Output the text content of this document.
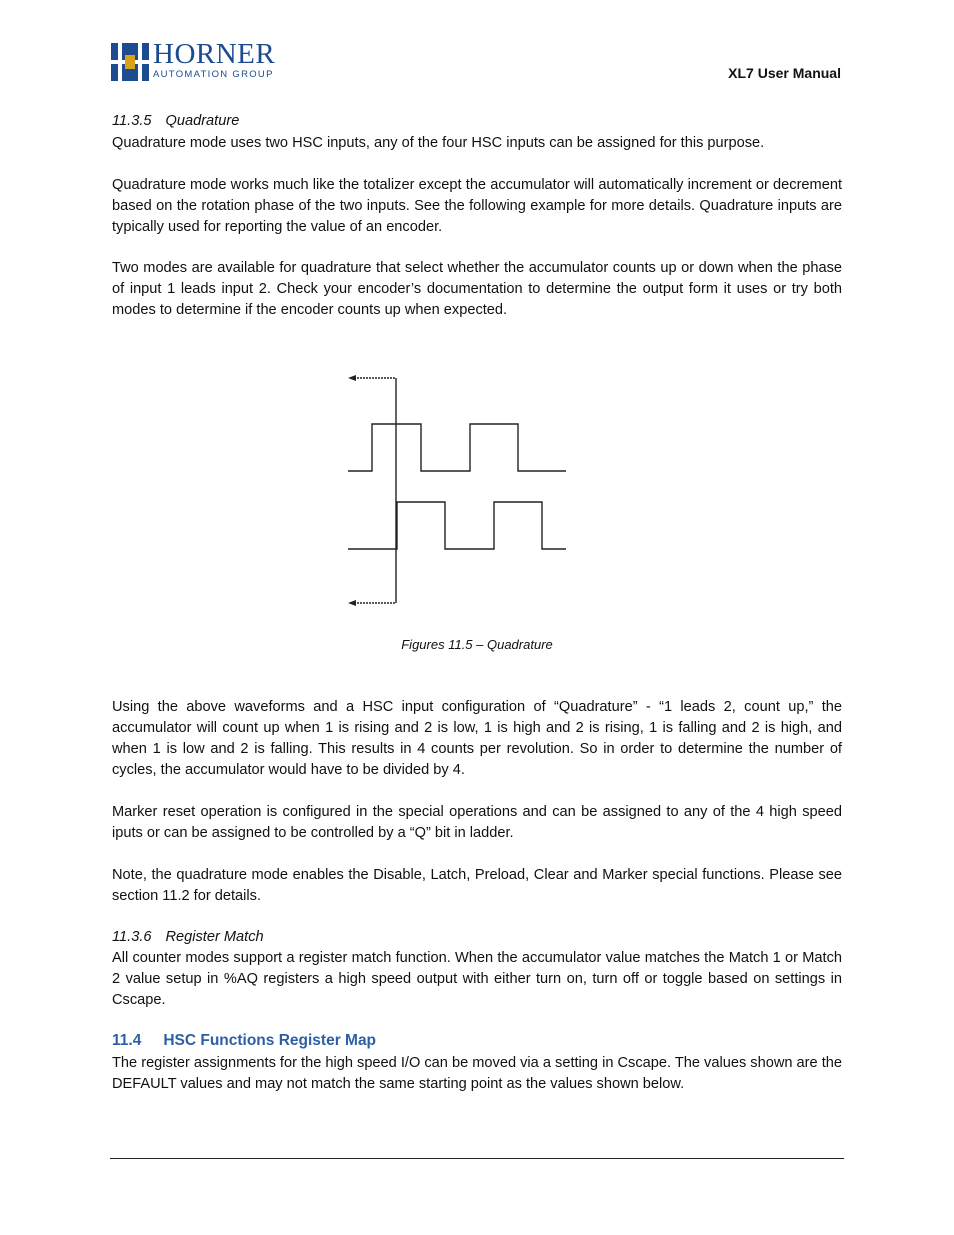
HORNER
AUTOMATION GROUP	XL7 User Manual
11.3.5 Quadrature
Quadrature mode uses two HSC inputs, any of the four HSC inputs can be assigned for this purpose.
Quadrature mode works much like the totalizer except the accumulator will automatically increment or decrement based on the rotation phase of the two inputs. See the following example for more details. Quadrature inputs are typically used for reporting the value of an encoder.
Two modes are available for quadrature that select whether the accumulator counts up or down when the phase of input 1 leads input 2. Check your encoder’s documentation to determine the output form it uses or try both modes to determine if the encoder counts up when expected.
Figures 11.5 – Quadrature
Using the above waveforms and a HSC input configuration of “Quadrature” - “1 leads 2, count up,” the accumulator will count up when 1 is rising and 2 is low, 1 is high and 2 is rising, 1 is falling and 2 is high, and when 1 is low and 2 is falling. This results in 4 counts per revolution. So in order to determine the number of cycles, the accumulator would have to be divided by 4.
Marker reset operation is configured in the special operations and can be assigned to any of the 4 high speed iputs or can be assigned to be controlled by a “Q” bit in ladder.
Note, the quadrature mode enables the Disable, Latch, Preload, Clear and Marker special functions. Please see section 11.2 for details.
11.3.6 Register Match
All counter modes support a register match function. When the accumulator value matches the Match 1 or Match 2 value setup in %AQ registers a high speed output with either turn on, turn off or toggle based on settings in Cscape.
11.4 HSC Functions Register Map
The register assignments for the high speed I/O can be moved via a setting in Cscape. The values shown are the DEFAULT values and may not match the same starting point as the values shown below.
